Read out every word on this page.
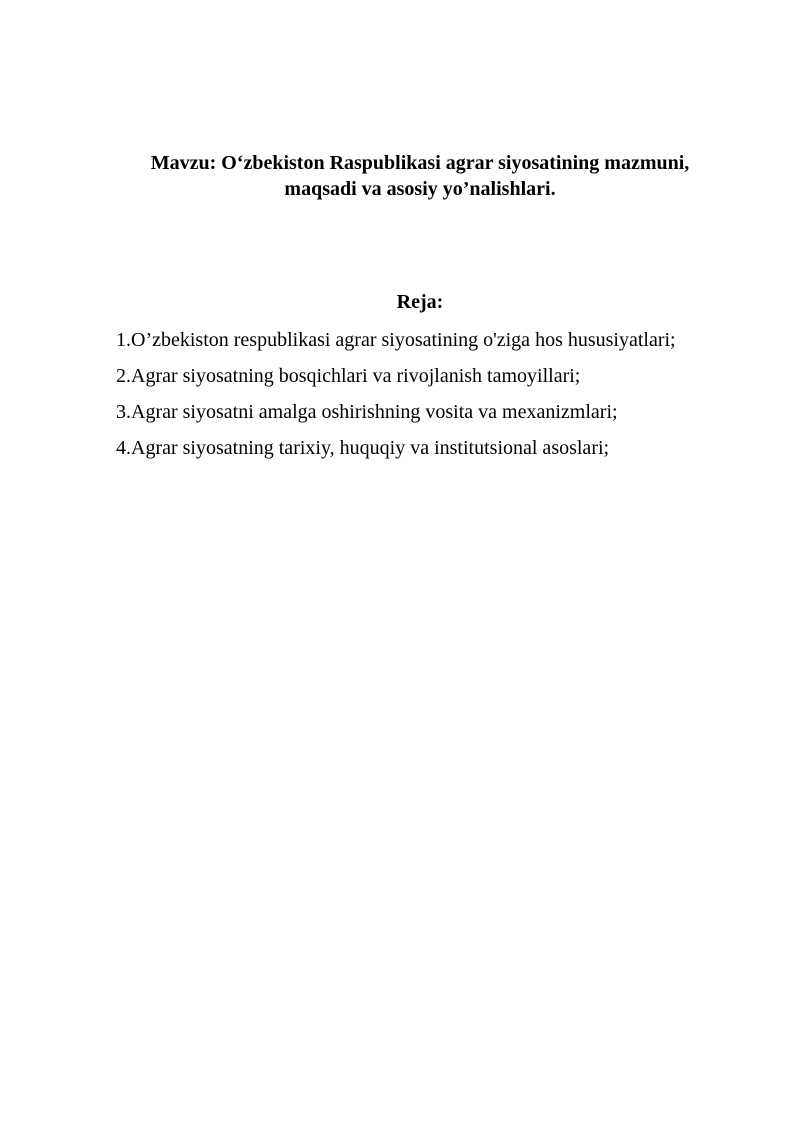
Mavzu: O‘zbekiston Raspublikasi agrar siyosatining mazmuni,
maqsadi va asosiy yo’nalishlari.
Reja:
1.O’zbekiston respublikasi agrar siyosatining o'ziga hos hususiyatlari;
2.Agrar siyosatning bosqichlari va rivojlanish tamoyillari;
3.Agrar siyosatni amalga oshirishning vosita va mexanizmlari;
4.Agrar siyosatning tarixiy, huquqiy va institutsional asoslari;
